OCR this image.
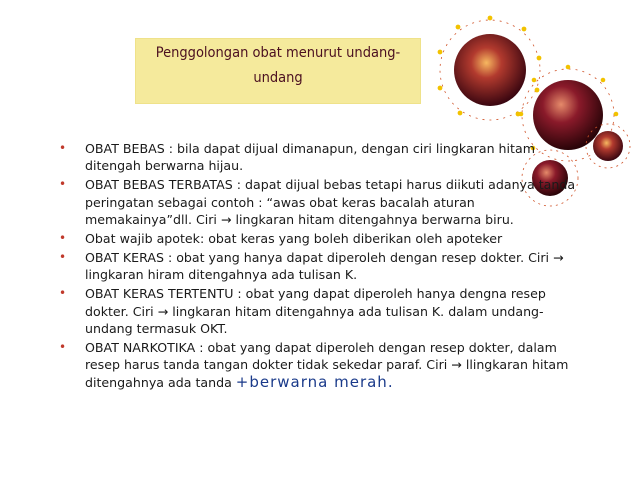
Penggolongan obat menurut undang-
undang
• OBAT BEBAS : bila dapat dijual dimanapun, dengan ciri lingkaran hitam ditengah berwarna hijau.
• OBAT BEBAS TERBATAS : dapat dijual bebas tetapi harus diikuti adanya tanda peringatan sebagai contoh : “awas obat keras bacalah aturan memakainya”dll. Ciri → lingkaran hitam ditengahnya berwarna biru.
• Obat wajib apotek: obat keras yang boleh diberikan oleh apoteker
• OBAT KERAS : obat yang hanya dapat diperoleh dengan resep dokter. Ciri → lingkaran hiram ditengahnya ada tulisan K.
• OBAT KERAS TERTENTU : obat yang dapat diperoleh hanya dengna resep dokter. Ciri → lingkaran hitam ditengahnya ada tulisan K. dalam undang-undang termasuk OKT.
• OBAT NARKOTIKA : obat yang dapat diperoleh dengan resep dokter, dalam resep harus tanda tangan dokter tidak sekedar paraf. Ciri → llingkaran hitam ditengahnya ada tanda +berwarna merah.
